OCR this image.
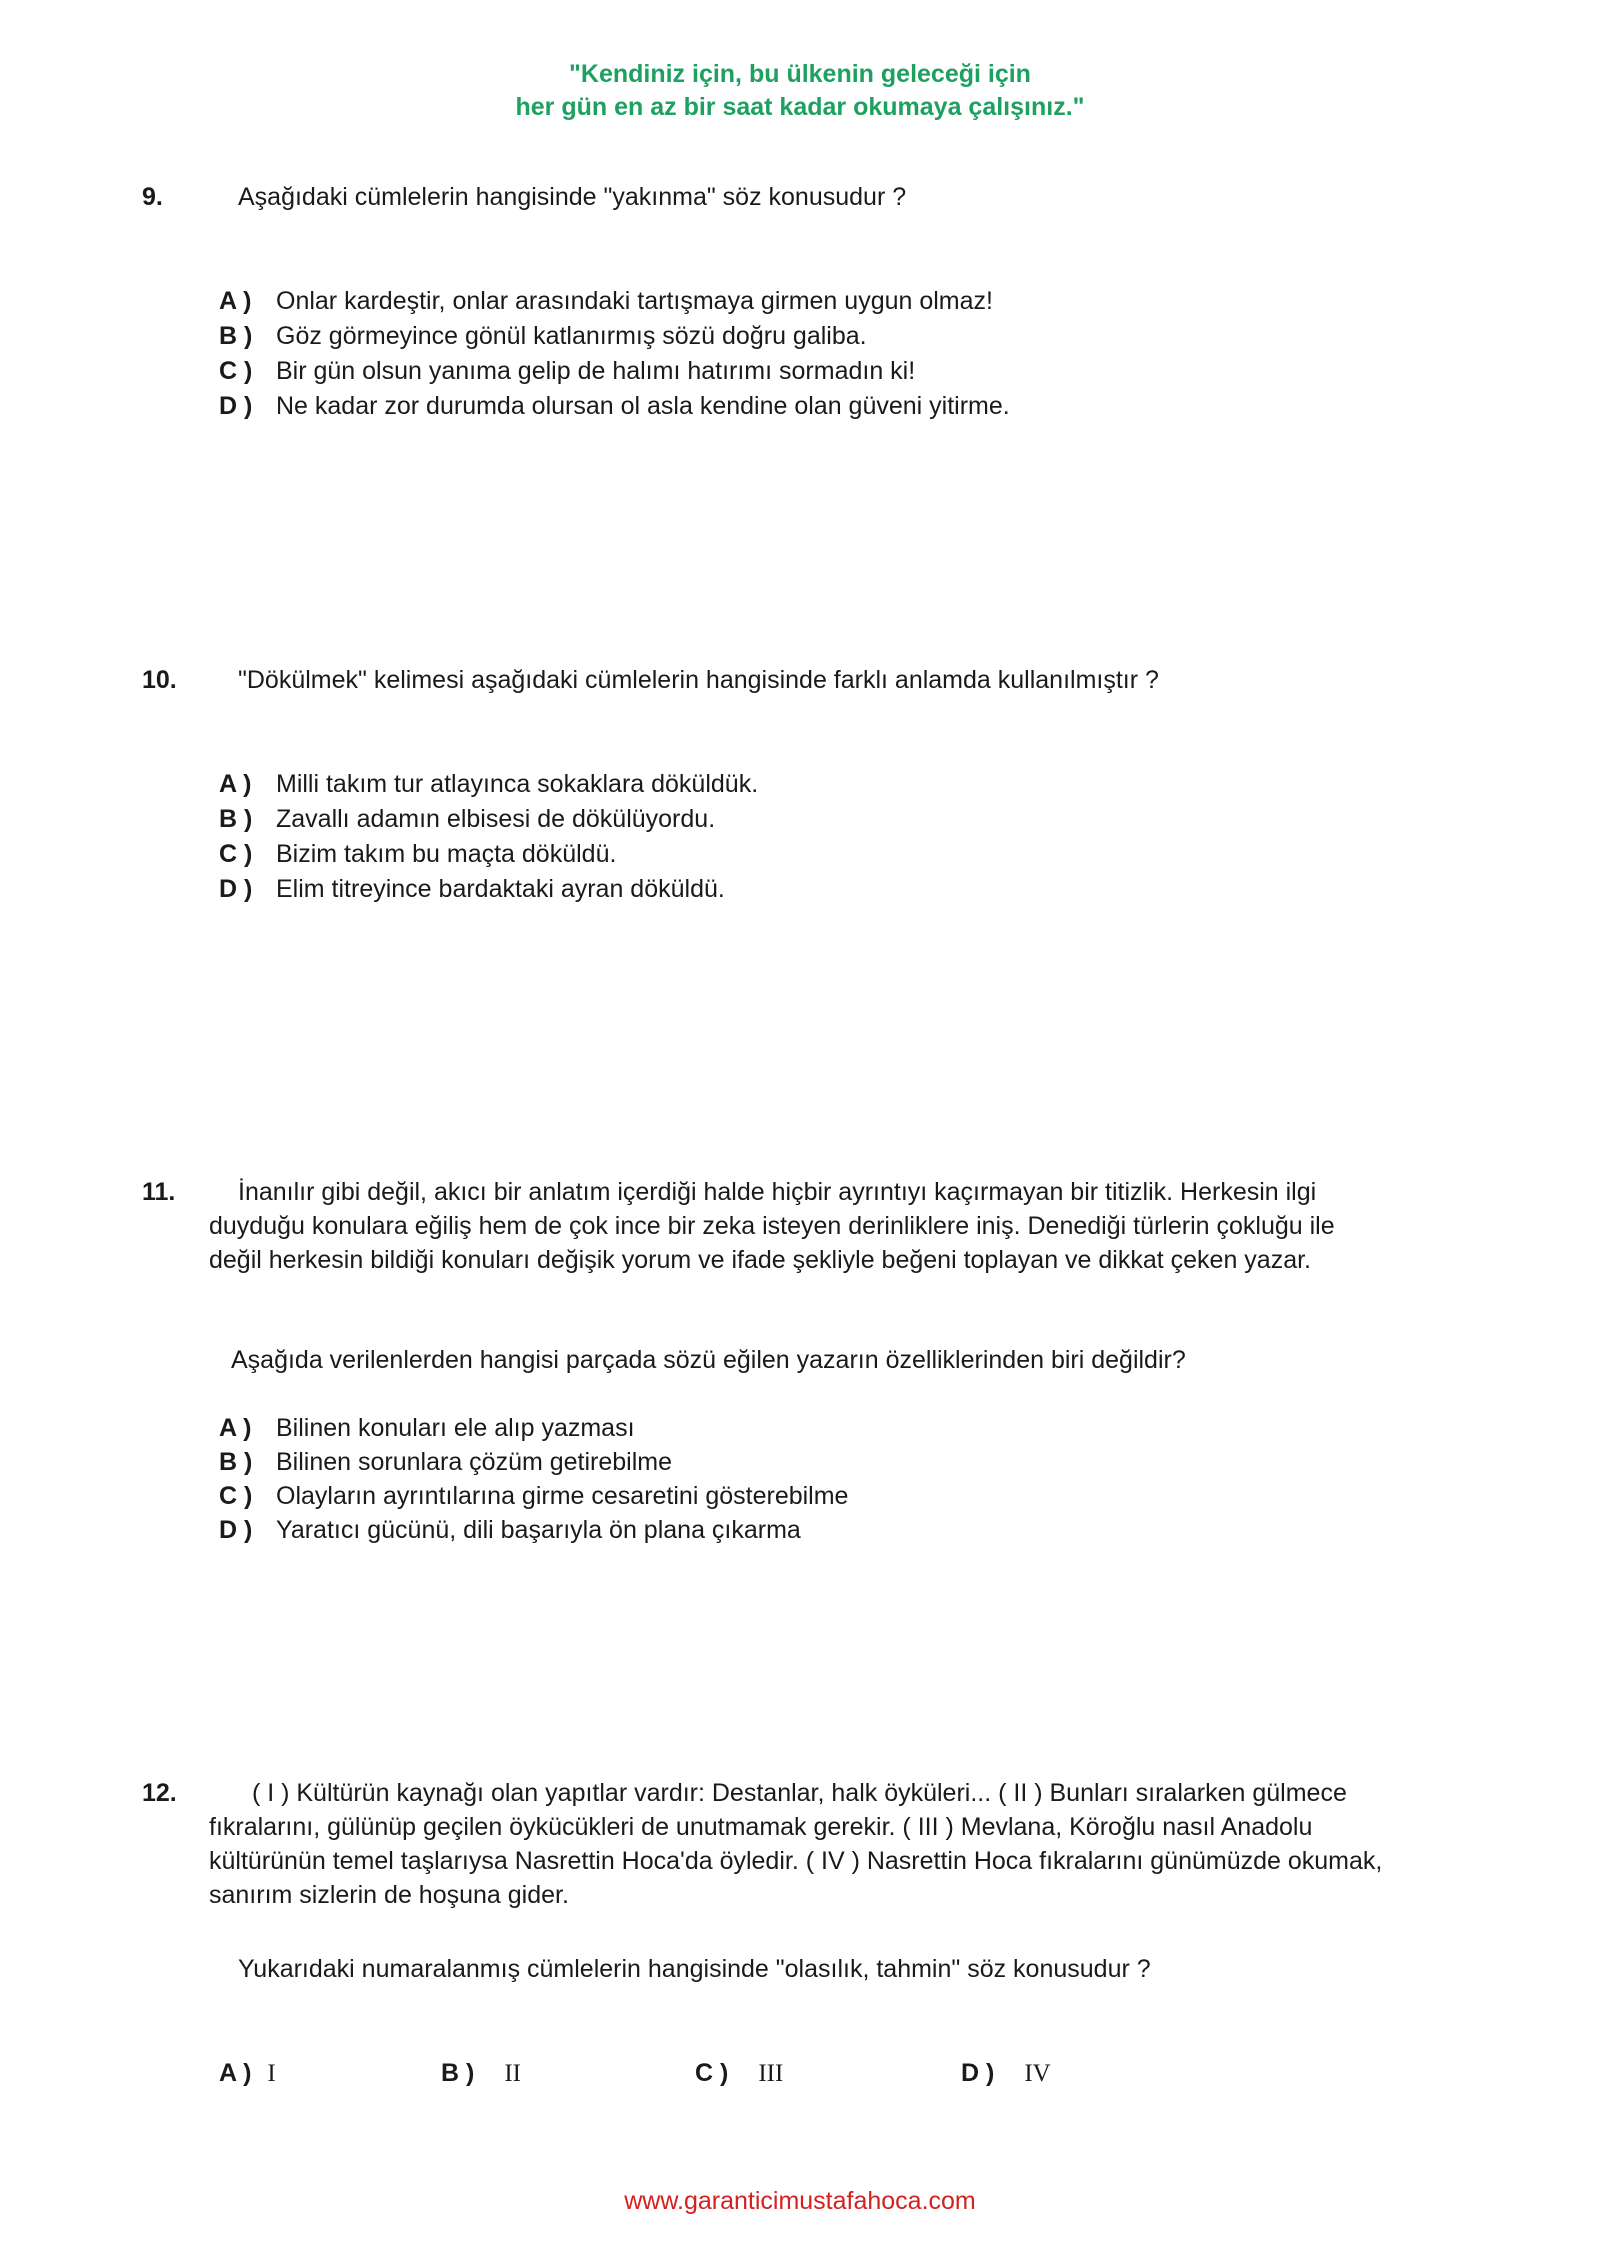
"Kendiniz için, bu ülkenin geleceği için
her gün en az bir saat kadar okumaya çalışınız."
9.	Aşağıdaki cümlelerin hangisinde "yakınma" söz konusudur ?
A ) Onlar kardeştir, onlar arasındaki tartışmaya girmen uygun olmaz!
B ) Göz görmeyince gönül katlanırmış sözü doğru galiba.
C ) Bir gün olsun yanıma gelip de halımı hatırımı sormadın ki!
D ) Ne kadar zor durumda olursan ol asla kendine olan güveni yitirme.
10. "Dökülmek" kelimesi aşağıdaki cümlelerin hangisinde farklı anlamda kullanılmıştır ?
A ) Milli takım tur atlayınca sokaklara döküldük.
B ) Zavallı adamın elbisesi de dökülüyordu.
C ) Bizim takım bu maçta döküldü.
D ) Elim titreyince bardaktaki ayran döküldü.
11.	İnanılır gibi değil, akıcı bir anlatım içerdiği halde hiçbir ayrıntıyı kaçırmayan bir titizlik. Herkesin ilgi duyduğu konulara eğiliş hem de çok ince bir zeka isteyen derinliklere iniş. Denediği türlerin çokluğu ile değil herkesin bildiği konuları değişik yorum ve ifade şekliyle beğeni toplayan ve dikkat çeken yazar.
Aşağıda verilenlerden hangisi parçada sözü eğilen yazarın özelliklerinden biri değildir?
A ) Bilinen konuları ele alıp yazması
B ) Bilinen sorunlara çözüm getirebilme
C ) Olayların ayrıntılarına girme cesaretini gösterebilme
D ) Yaratıcı gücünü, dili başarıyla ön plana çıkarma
12.	( I ) Kültürün kaynağı olan yapıtlar vardır: Destanlar, halk öyküleri... ( II ) Bunları sıralarken gülmece fıkralarını, gülünüp geçilen öykücükleri de unutmamak gerekir. ( III ) Mevlana, Köroğlu nasıl Anadolu kültürünün temel taşlarıysa Nasrettin Hoca'da öyledir. ( IV ) Nasrettin Hoca fıkralarını günümüzde okumak, sanırım sizlerin de hoşuna gider.
Yukarıdaki numaralanmış cümlelerin hangisinde "olasılık, tahmin" söz konusudur ?
A ) I	B ) II	C ) III	D ) IV
www.garanticimustafahoca.com
